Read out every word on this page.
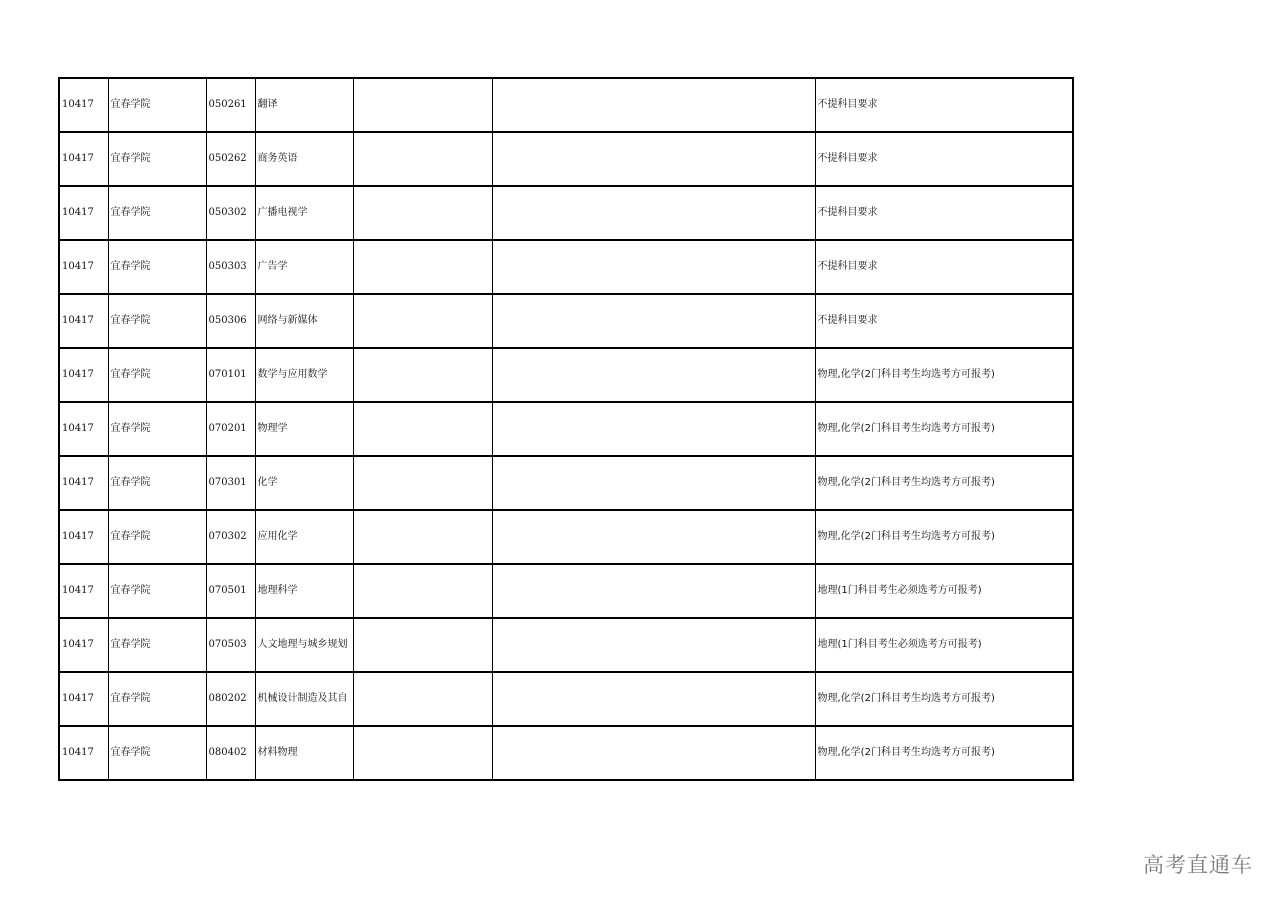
10417	宜春学院	050261	翻译			不提科目要求
10417	宜春学院	050262	商务英语			不提科目要求
10417	宜春学院	050302	广播电视学			不提科目要求
10417	宜春学院	050303	广告学			不提科目要求
10417	宜春学院	050306	网络与新媒体			不提科目要求
10417	宜春学院	070101	数学与应用数学			物理,化学(2门科目考生均选考方可报考)
10417	宜春学院	070201	物理学			物理,化学(2门科目考生均选考方可报考)
10417	宜春学院	070301	化学			物理,化学(2门科目考生均选考方可报考)
10417	宜春学院	070302	应用化学			物理,化学(2门科目考生均选考方可报考)
10417	宜春学院	070501	地理科学			地理(1门科目考生必须选考方可报考)
10417	宜春学院	070503	人文地理与城乡规划			地理(1门科目考生必须选考方可报考)
10417	宜春学院	080202	机械设计制造及其自			物理,化学(2门科目考生均选考方可报考)
10417	宜春学院	080402	材料物理			物理,化学(2门科目考生均选考方可报考)
高考直通车
